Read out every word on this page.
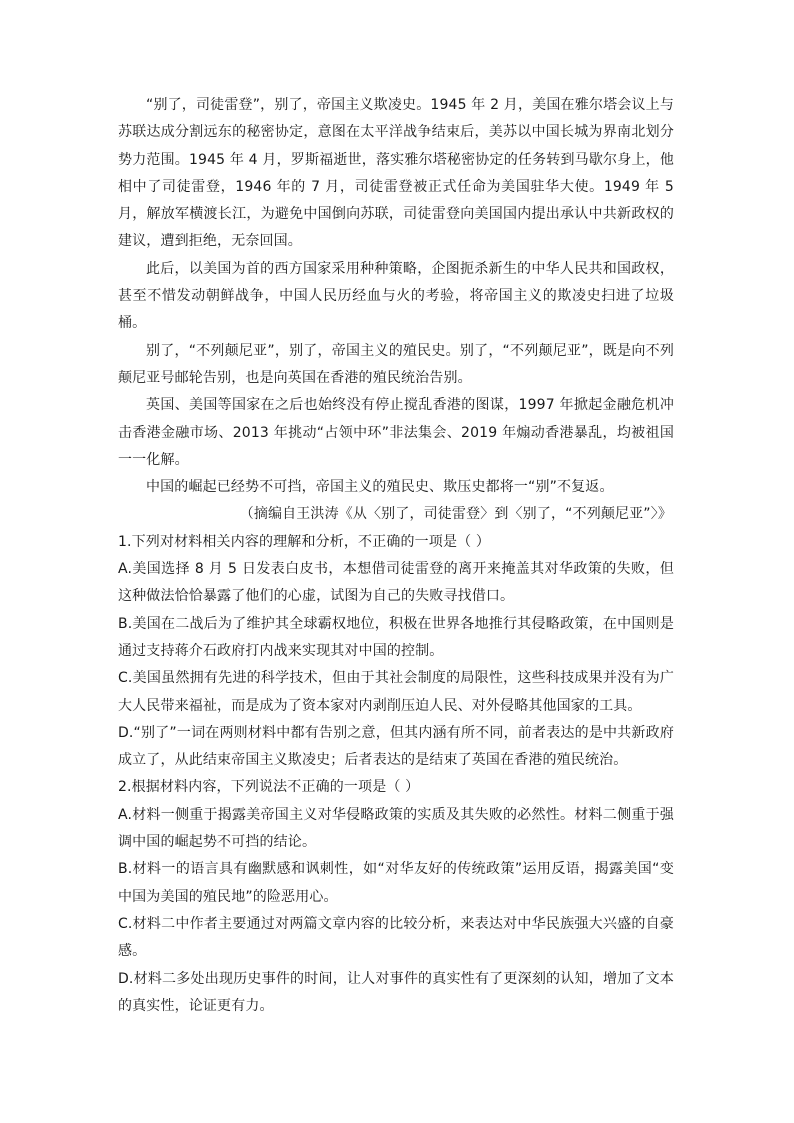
“别了，司徒雷登”，别了，帝国主义欺凌史。1945 年 2 月，美国在雅尔塔会议上与苏联达成分割远东的秘密协定，意图在太平洋战争结束后，美苏以中国长城为界南北划分势力范围。1945 年 4 月，罗斯福逝世，落实雅尔塔秘密协定的任务转到马歇尔身上，他相中了司徒雷登，1946 年的 7 月，司徒雷登被正式任命为美国驻华大使。1949 年 5 月，解放军横渡长江，为避免中国倒向苏联，司徒雷登向美国国内提出承认中共新政权的建议，遭到拒绝，无奈回国。

此后，以美国为首的西方国家采用种种策略，企图扼杀新生的中华人民共和国政权，甚至不惜发动朝鲜战争，中国人民历经血与火的考验，将帝国主义的欺凌史扫进了垃圾桶。

别了，“不列颠尼亚”，别了，帝国主义的殖民史。别了，“不列颠尼亚”，既是向不列颠尼亚号邮轮告别，也是向英国在香港的殖民统治告别。

英国、美国等国家在之后也始终没有停止搅乱香港的图谋，1997 年掀起金融危机冲击香港金融市场、2013 年挑动“占领中环”非法集会、2019 年煽动香港暴乱，均被祖国一一化解。

中国的崛起已经势不可挡，帝国主义的殖民史、欺压史都将一“别”不复返。

（摘编自王洪涛《从〈别了，司徒雷登〉到〈别了，“不列颠尼亚”〉》

1.下列对材料相关内容的理解和分析，不正确的一项是（ ）

A.美国选择 8 月 5 日发表白皮书，本想借司徒雷登的离开来掩盖其对华政策的失败，但这种做法恰恰暴露了他们的心虚，试图为自己的失败寻找借口。

B.美国在二战后为了维护其全球霸权地位，积极在世界各地推行其侵略政策，在中国则是通过支持蒋介石政府打内战来实现其对中国的控制。

C.美国虽然拥有先进的科学技术，但由于其社会制度的局限性，这些科技成果并没有为广大人民带来福祉，而是成为了资本家对内剥削压迫人民、对外侵略其他国家的工具。

D.“别了”一词在两则材料中都有告别之意，但其内涵有所不同，前者表达的是中共新政府成立了，从此结束帝国主义欺凌史；后者表达的是结束了英国在香港的殖民统治。

2.根据材料内容，下列说法不正确的一项是（ ）

A.材料一侧重于揭露美帝国主义对华侵略政策的实质及其失败的必然性。材料二侧重于强调中国的崛起势不可挡的结论。

B.材料一的语言具有幽默感和讽刺性，如“对华友好的传统政策”运用反语，揭露美国“变中国为美国的殖民地”的险恶用心。

C.材料二中作者主要通过对两篇文章内容的比较分析，来表达对中华民族强大兴盛的自豪感。

D.材料二多处出现历史事件的时间，让人对事件的真实性有了更深刻的认知，增加了文本的真实性，论证更有力。
